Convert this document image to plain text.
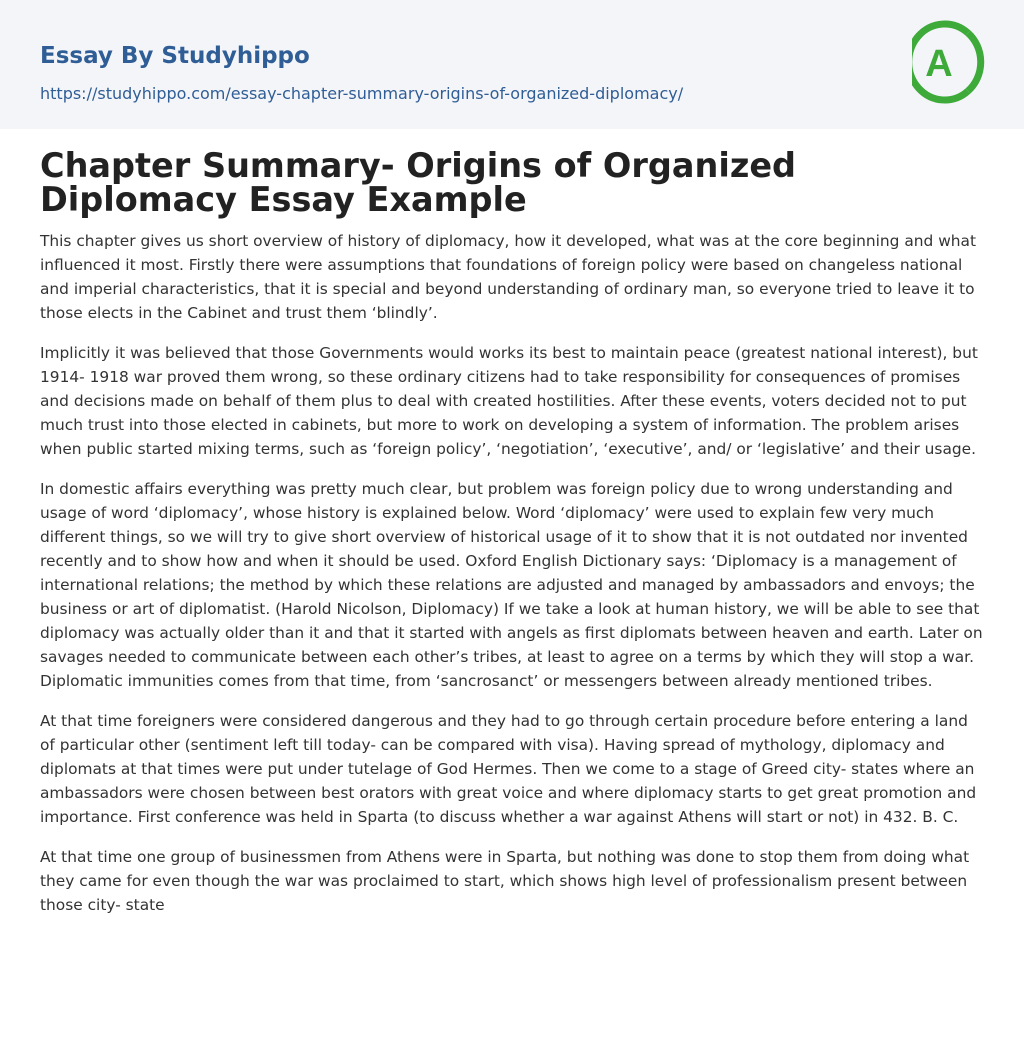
Essay By Studyhippo
https://studyhippo.com/essay-chapter-summary-origins-of-organized-diplomacy/
A
Chapter Summary- Origins of Organized Diplomacy Essay Example

This chapter gives us short overview of history of diplomacy, how it developed, what was at the core beginning and what influenced it most. Firstly there were assumptions that foundations of foreign policy were based on changeless national and imperial characteristics, that it is special and beyond understanding of ordinary man, so everyone tried to leave it to those elects in the Cabinet and trust them ‘blindly’.

Implicitly it was believed that those Governments would works its best to maintain peace (greatest national interest), but 1914- 1918 war proved them wrong, so these ordinary citizens had to take responsibility for consequences of promises and decisions made on behalf of them plus to deal with created hostilities. After these events, voters decided not to put much trust into those elected in cabinets, but more to work on developing a system of information. The problem arises when public started mixing terms, such as ‘foreign policy’, ‘negotiation’, ‘executive’, and/ or ‘legislative’ and their usage.

In domestic affairs everything was pretty much clear, but problem was foreign policy due to wrong understanding and usage of word ‘diplomacy’, whose history is explained below. Word ‘diplomacy’ were used to explain few very much different things, so we will try to give short overview of historical usage of it to show that it is not outdated nor invented recently and to show how and when it should be used. Oxford English Dictionary says: ‘Diplomacy is a management of international relations; the method by which these relations are adjusted and managed by ambassadors and envoys; the business or art of diplomatist. (Harold Nicolson, Diplomacy) If we take a look at human history, we will be able to see that diplomacy was actually older than it and that it started with angels as first diplomats between heaven and earth. Later on savages needed to communicate between each other’s tribes, at least to agree on a terms by which they will stop a war. Diplomatic immunities comes from that time, from ‘sancrosanct’ or messengers between already mentioned tribes.

At that time foreigners were considered dangerous and they had to go through certain procedure before entering a land of particular other (sentiment left till today- can be compared with visa). Having spread of mythology, diplomacy and diplomats at that times were put under tutelage of God Hermes. Then we come to a stage of Greed city- states where an ambassadors were chosen between best orators with great voice and where diplomacy starts to get great promotion and importance. First conference was held in Sparta (to discuss whether a war against Athens will start or not) in 432. B. C.

At that time one group of businessmen from Athens were in Sparta, but nothing was done to stop them from doing what they came for even though the war was proclaimed to start, which shows high level of professionalism present between those city- state
